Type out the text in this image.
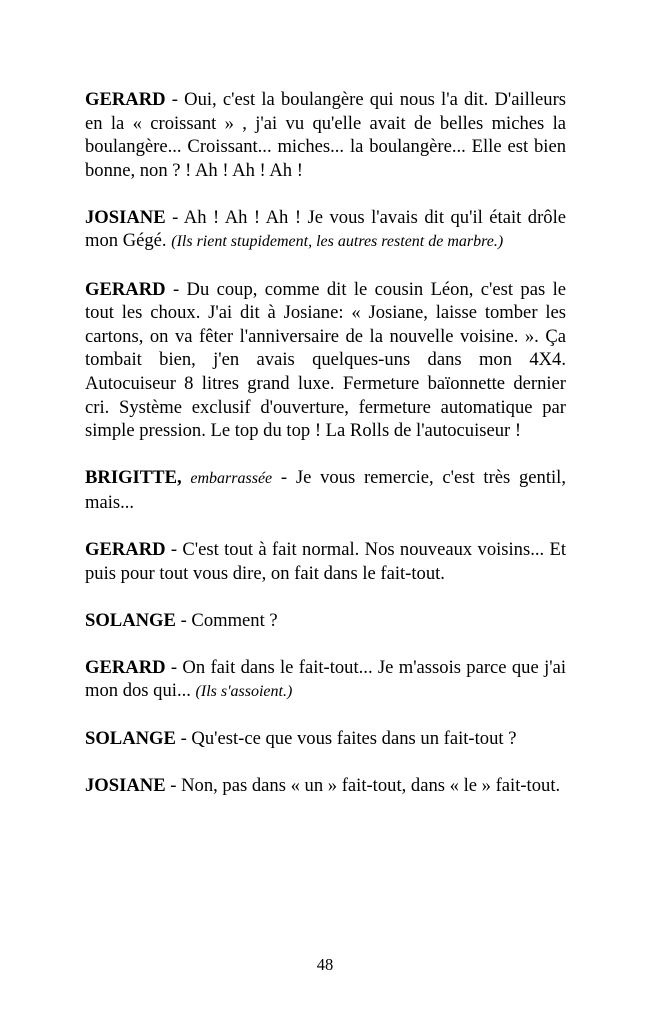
GERARD - Oui, c'est la boulangère qui nous l'a dit. D'ailleurs en la « croissant » , j'ai vu qu'elle avait de belles miches la boulangère... Croissant... miches... la boulangère... Elle est bien bonne, non ? ! Ah ! Ah ! Ah !

JOSIANE - Ah ! Ah ! Ah ! Je vous l'avais dit qu'il était drôle mon Gégé. (Ils rient stupidement, les autres restent de marbre.)

GERARD - Du coup, comme dit le cousin Léon, c'est pas le tout les choux. J'ai dit à Josiane: « Josiane, laisse tomber les cartons, on va fêter l'anniversaire de la nouvelle voisine. ». Ça tombait bien, j'en avais quelques-uns dans mon 4X4. Autocuiseur 8 litres grand luxe. Fermeture baïonnette dernier cri. Système exclusif d'ouverture, fermeture automatique par simple pression. Le top du top ! La Rolls de l'autocuiseur !

BRIGITTE, embarrassée - Je vous remercie, c'est très gentil, mais...

GERARD - C'est tout à fait normal. Nos nouveaux voisins... Et puis pour tout vous dire, on fait dans le fait-tout.

SOLANGE - Comment ?

GERARD - On fait dans le fait-tout... Je m'assois parce que j'ai mon dos qui... (Ils s'assoient.)

SOLANGE - Qu'est-ce que vous faites dans un fait-tout ?

JOSIANE - Non, pas dans « un » fait-tout, dans « le » fait-tout.

48
